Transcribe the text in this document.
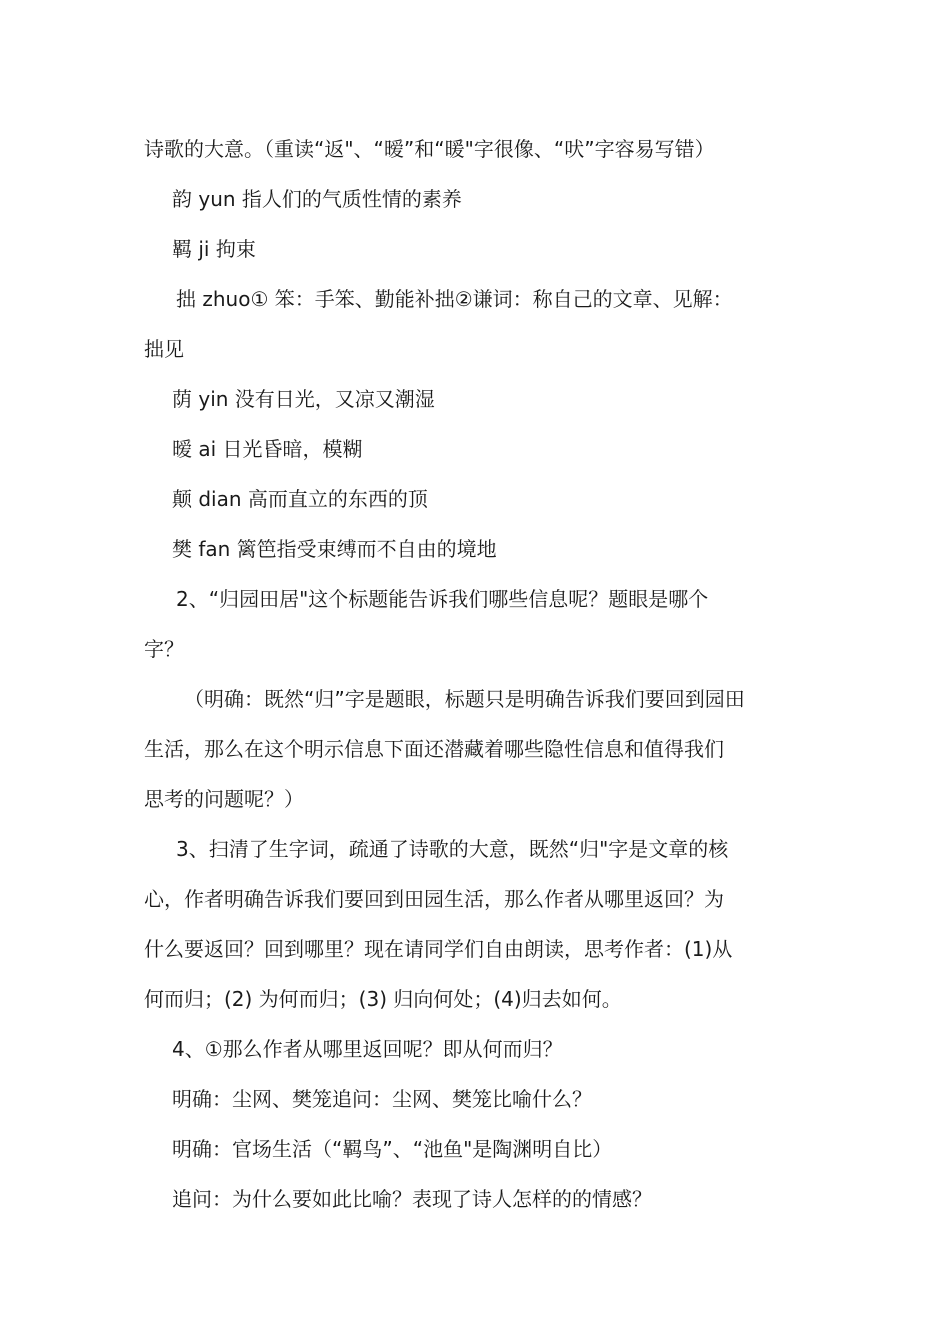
诗歌的大意。（重读“返"、“暧”和“暖"字很像、“吠”字容易写错）
韵 yun 指人们的气质性情的素养
羁 ji 拘束
拙 zhuo① 笨：手笨、勤能补拙②谦词：称自己的文章、见解：
拙见
荫 yin 没有日光，又凉又潮湿
暧 ai 日光昏暗，模糊
颠 dian 高而直立的东西的顶
樊 fan 篱笆指受束缚而不自由的境地
2、“归园田居"这个标题能告诉我们哪些信息呢？题眼是哪个
字？
（明确：既然“归”字是题眼，标题只是明确告诉我们要回到园田
生活，那么在这个明示信息下面还潜藏着哪些隐性信息和值得我们
思考的问题呢？）
3、扫清了生字词，疏通了诗歌的大意，既然“归"字是文章的核
心，作者明确告诉我们要回到田园生活，那么作者从哪里返回？为
什么要返回？回到哪里？现在请同学们自由朗读，思考作者：(1)从
何而归；(2) 为何而归；(3) 归向何处；(4)归去如何。
4、①那么作者从哪里返回呢？即从何而归？
明确：尘网、樊笼追问：尘网、樊笼比喻什么？
明确：官场生活（“羁鸟”、“池鱼"是陶渊明自比）
追问：为什么要如此比喻？表现了诗人怎样的的情感？
